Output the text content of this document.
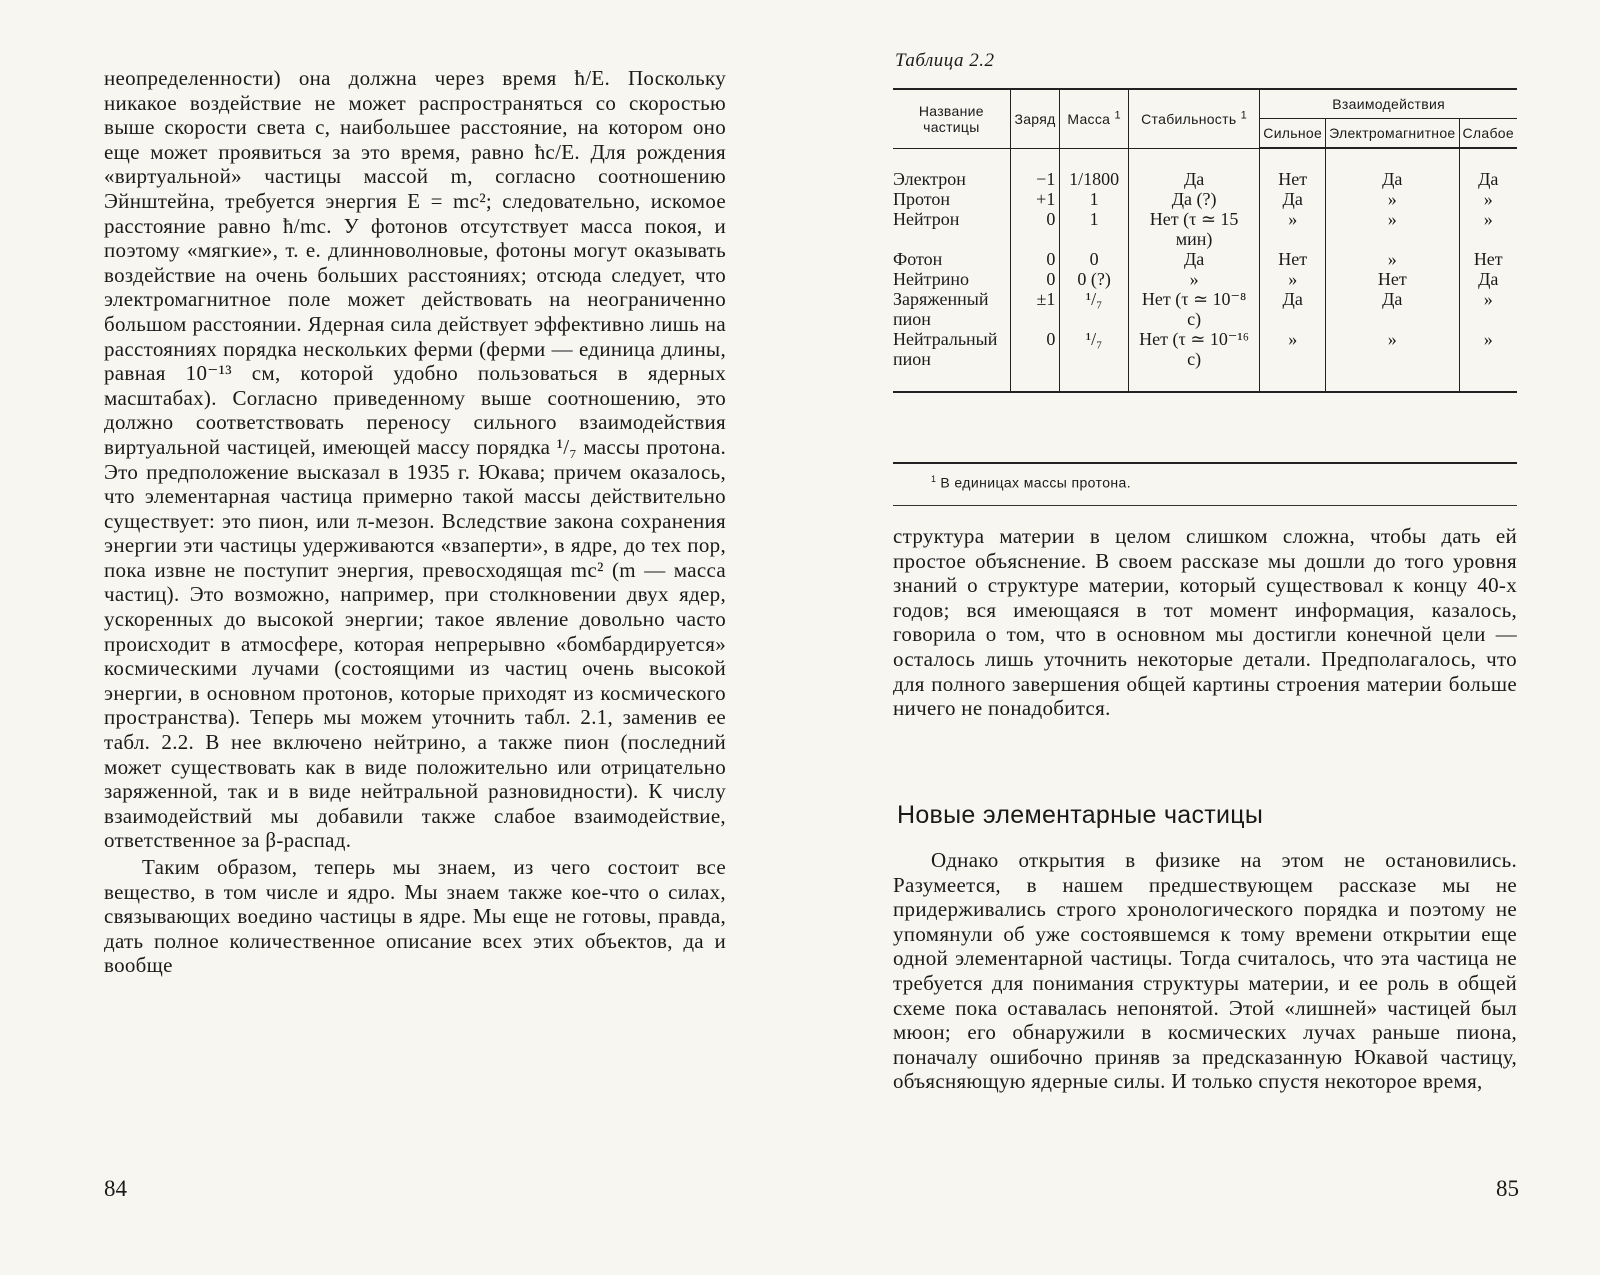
неопределенности) она должна через время ħ/E. Поскольку никакое воздействие не может распространяться со скоростью выше скорости света c, наибольшее расстояние, на котором оно еще может проявиться за это время, равно ħc/E. Для рождения «виртуальной» частицы массой m, согласно соотношению Эйнштейна, требуется энергия E = mc²; следовательно, искомое расстояние равно ħ/mc. У фотонов отсутствует масса покоя, и поэтому «мягкие», т. е. длинноволновые, фотоны могут оказывать воздействие на очень больших расстояниях; отсюда следует, что электромагнитное поле может действовать на неограниченно большом расстоянии. Ядерная сила действует эффективно лишь на расстояниях порядка нескольких ферми (ферми — единица длины, равная 10⁻¹³ см, которой удобно пользоваться в ядерных масштабах). Согласно приведенному выше соотношению, это должно соответствовать переносу сильного взаимодействия виртуальной частицей, имеющей массу порядка ¹/₇ массы протона. Это предположение высказал в 1935 г. Юкава; причем оказалось, что элементарная частица примерно такой массы действительно существует: это пион, или π-мезон. Вследствие закона сохранения энергии эти частицы удерживаются «взаперти», в ядре, до тех пор, пока извне не поступит энергия, превосходящая mc² (m — масса частиц). Это возможно, например, при столкновении двух ядер, ускоренных до высокой энергии; такое явление довольно часто происходит в атмосфере, которая непрерывно «бомбардируется» космическими лучами (состоящими из частиц очень высокой энергии, в основном протонов, которые приходят из космического пространства). Теперь мы можем уточнить табл. 2.1, заменив ее табл. 2.2. В нее включено нейтрино, а также пион (последний может существовать как в виде положительно или отрицательно заряженной, так и в виде нейтральной разновидности). К числу взаимодействий мы добавили также слабое взаимодействие, ответственное за β-распад.

Таким образом, теперь мы знаем, из чего состоит все вещество, в том числе и ядро. Мы знаем также кое-что о силах, связывающих воедино частицы в ядре. Мы еще не готовы, правда, дать полное количественное описание всех этих объектов, да и вообще

84
Таблица 2.2
Название частицы	Заряд	Масса $^1$	Стабильность $^1$	Взаимодействия		
				Сильное	Электромагнитное	Слабое
Электрон	−1	1/1800	Да	Нет	Да	Да
Протон	+1	1	Да (?)	Да	»	»
Нейтрон	0	1	Нет (τ ≃ 15 мин)	»	»	»
Фотон	0	0	Да	Нет	»	Нет
Нейтрино	0	0 (?)	»	»	Нет	Да
Заряженный пион	±1	¹/₇	Нет (τ ≃ 10⁻⁸ с)	Да	Да	»
Нейтральный пион	0	¹/₇	Нет (τ ≃ 10⁻¹⁶ с)	»	»	»
$^1$ В единицах массы протона.

структура материи в целом слишком сложна, чтобы дать ей простое объяснение. В своем рассказе мы дошли до того уровня знаний о структуре материи, который существовал к концу 40-х годов; вся имеющаяся в тот момент информация, казалось, говорила о том, что в основном мы достигли конечной цели — осталось лишь уточнить некоторые детали. Предполагалось, что для полного завершения общей картины строения материи больше ничего не понадобится.

Новые элементарные частицы

Однако открытия в физике на этом не остановились. Разумеется, в нашем предшествующем рассказе мы не придерживались строго хронологического порядка и поэтому не упомянули об уже состоявшемся к тому времени открытии еще одной элементарной частицы. Тогда считалось, что эта частица не требуется для понимания структуры материи, и ее роль в общей схеме пока оставалась непонятой. Этой «лишней» частицей был мюон; его обнаружили в космических лучах раньше пиона, поначалу ошибочно приняв за предсказанную Юкавой частицу, объясняющую ядерные силы. И только спустя некоторое время,

85
